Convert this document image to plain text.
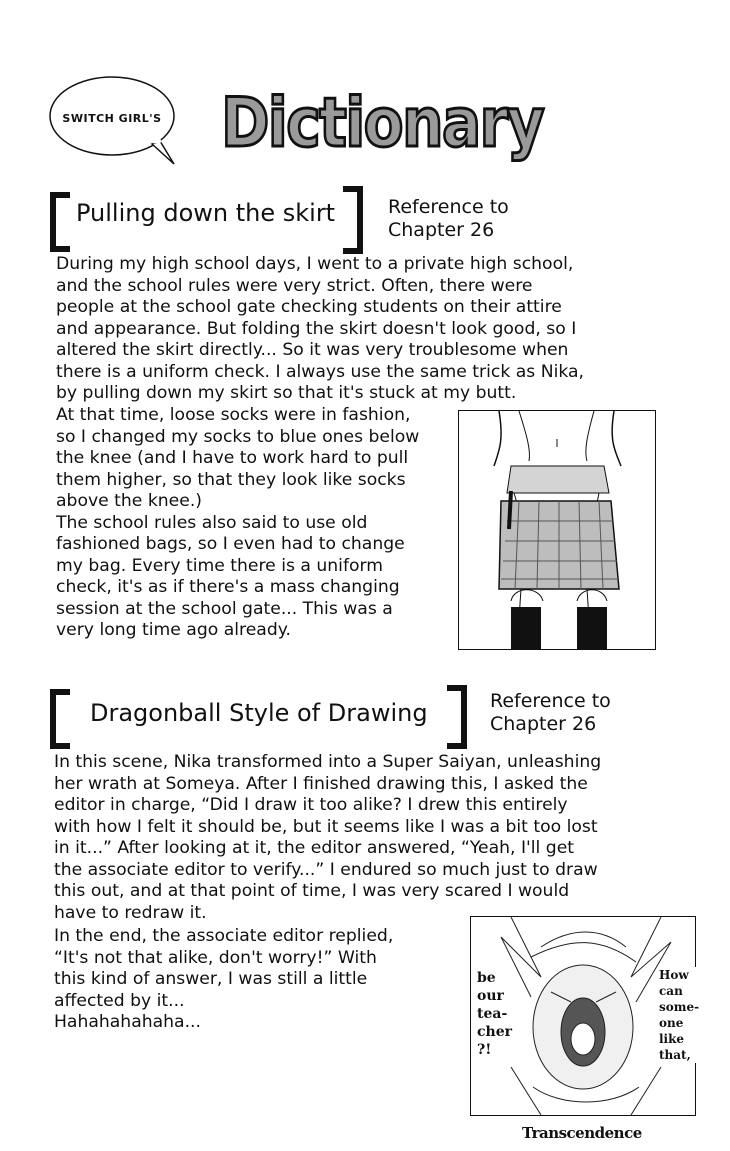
SWITCH GIRL'S Dictionary
Pulling down the skirt	Reference to
Chapter 26
During my high school days, I went to a private high school,
and the school rules were very strict. Often, there were
people at the school gate checking students on their attire
and appearance. But folding the skirt doesn't look good, so I
altered the skirt directly... So it was very troublesome when
there is a uniform check. I always use the same trick as Nika,
by pulling down my skirt so that it's stuck at my butt.
At that time, loose socks were in fashion,
so I changed my socks to blue ones below
the knee (and I have to work hard to pull
them higher, so that they look like socks
above the knee.)
The school rules also said to use old
fashioned bags, so I even had to change
my bag. Every time there is a uniform
check, it's as if there's a mass changing
session at the school gate... This was a
very long time ago already.
Dragonball Style of Drawing	Reference to
Chapter 26
In this scene, Nika transformed into a Super Saiyan, unleashing
her wrath at Someya. After I finished drawing this, I asked the
editor in charge, “Did I draw it too alike? I drew this entirely
with how I felt it should be, but it seems like I was a bit too lost
in it...” After looking at it, the editor answered, “Yeah, I'll get
the associate editor to verify...” I endured so much just to draw
this out, and at that point of time, I was very scared I would
have to redraw it.
In the end, the associate editor replied,
“It's not that alike, don't worry!” With
this kind of answer, I was still a little
affected by it...
Hahahahahaha...
be
our
tea-
cher
?!
How
can
some-
one
like
that,
Transcendence
